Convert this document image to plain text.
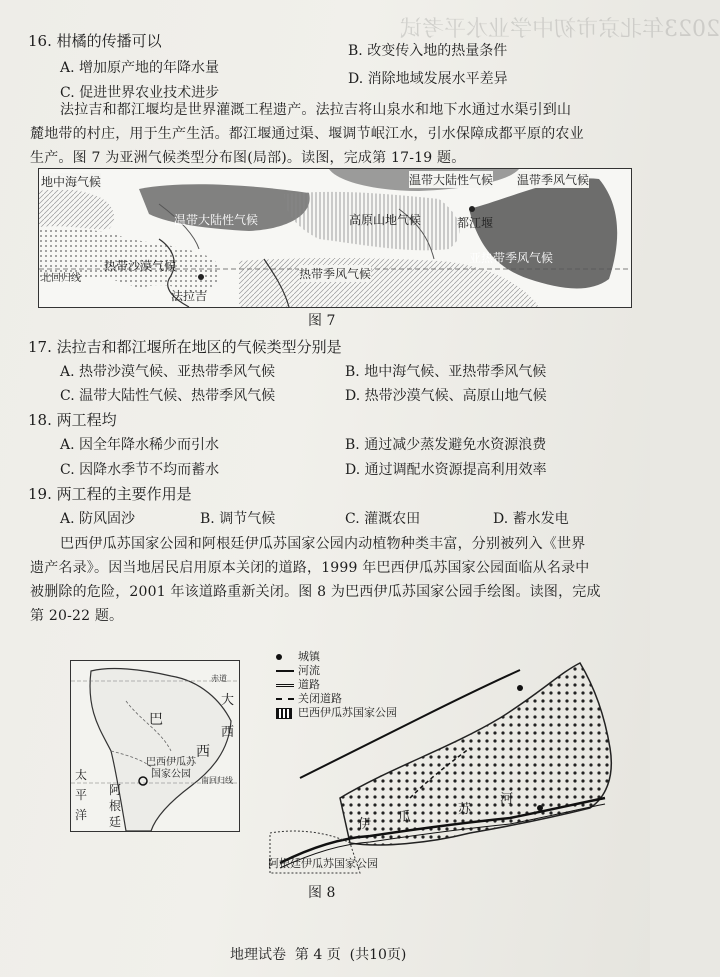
2023年北京市初中学业水平考试
16. 柑橘的传播可以
A. 增加原产地的年降水量
B. 改变传入地的热量条件
C. 促进世界农业技术进步
D. 消除地域发展水平差异
法拉吉和都江堰均是世界灌溉工程遗产。法拉吉将山泉水和地下水通过水渠引到山
麓地带的村庄，用于生产生活。都江堰通过渠、堰调节岷江水，引水保障成都平原的农业
生产。图 7 为亚洲气候类型分布图(局部)。读图，完成第 17-19 题。
地中海气候
温带大陆性气候
温带大陆性气候 温带季风气候
高原山地气候	都江堰
热带沙漠气候
亚热带季风气候
北回归线	热带季风气候
法拉吉
图 7
17. 法拉吉和都江堰所在地区的气候类型分别是
A. 热带沙漠气候、亚热带季风气候	B. 地中海气候、亚热带季风气候
C. 温带大陆性气候、热带季风气候	D. 热带沙漠气候、高原山地气候
18. 两工程均
A. 因全年降水稀少而引水	B. 通过减少蒸发避免水资源浪费
C. 因降水季节不均而蓄水	D. 通过调配水资源提高利用效率
19. 两工程的主要作用是
A. 防风固沙	B. 调节气候	C. 灌溉农田	D. 蓄水发电
巴西伊瓜苏国家公园和阿根廷伊瓜苏国家公园内动植物种类丰富，分别被列入《世界
遗产名录》。因当地居民启用原本关闭的道路，1999 年巴西伊瓜苏国家公园面临从名录中
被删除的危险，2001 年该道路重新关闭。图 8 为巴西伊瓜苏国家公园手绘图。读图，完成
第 20-22 题。
巴
西
巴西伊瓜苏
国家公园
大
西
赤道
南回归线
太
平
洋
阿
根
廷
城镇
河流
道路
关闭道路
巴西伊瓜苏国家公园
伊 瓜
苏
河
阿根廷伊瓜苏国家公园
图 8
地理试卷  第 4 页  (共10页)
